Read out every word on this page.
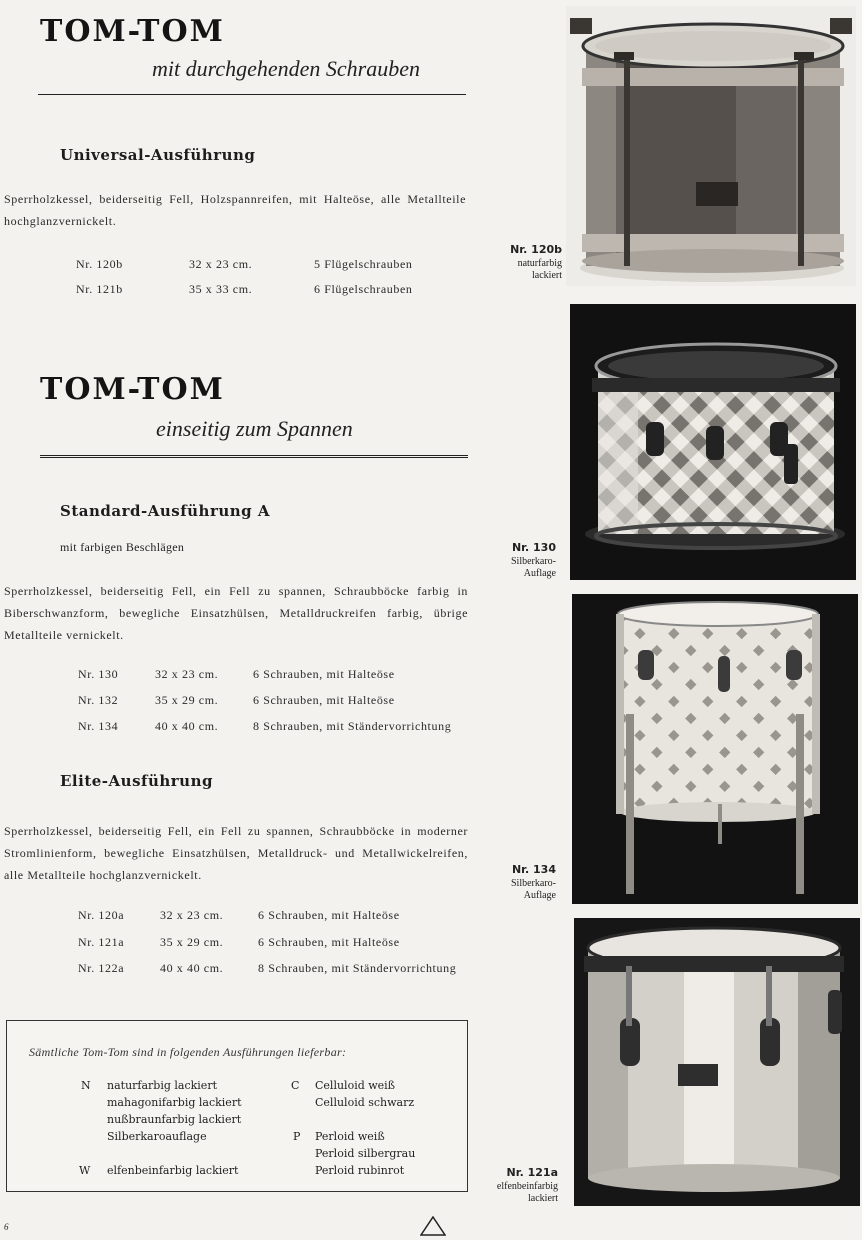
TOM-TOM
mit durchgehenden Schrauben
Universal-Ausführung
Sperrholzkessel, beiderseitig Fell, Holzspannreifen, mit Halteöse, alle Metallteile hochglanzvernickelt.
Nr. 120b	32 x 23 cm.	5 Flügelschrauben
Nr. 121b	35 x 33 cm.	6 Flügelschrauben
TOM-TOM
einseitig zum Spannen
Standard-Ausführung A
mit farbigen Beschlägen
Sperrholzkessel, beiderseitig Fell, ein Fell zu spannen, Schraubböcke farbig in Biberschwanzform, bewegliche Einsatzhülsen, Metalldruckreifen farbig, übrige Metallteile vernickelt.
Nr. 130	32 x 23 cm.	6 Schrauben, mit Halteöse
Nr. 132	35 x 29 cm.	6 Schrauben, mit Halteöse
Nr. 134	40 x 40 cm.	8 Schrauben, mit Ständervorrichtung
Elite-Ausführung
Sperrholzkessel, beiderseitig Fell, ein Fell zu spannen, Schraubböcke in moderner Stromlinienform, bewegliche Einsatzhülsen, Metalldruck- und Metallwickelreifen, alle Metallteile hochglanzvernickelt.
Nr. 120a	32 x 23 cm.	6 Schrauben, mit Halteöse
Nr. 121a	35 x 29 cm.	6 Schrauben, mit Halteöse
Nr. 122a	40 x 40 cm.	8 Schrauben, mit Ständervorrichtung
Sämtliche Tom-Tom sind in folgenden Ausführungen lieferbar:
N naturfarbig lackiert
mahagonifarbig lackiert
nußbraunfarbig lackiert
Silberkaroauflage
W elfenbeinfarbig lackiert
C Celluloid weiß
Celluloid schwarz
P Perloid weiß
Perloid silbergrau
Perloid rubinrot
6
Nr. 120b
naturfarbig
lackiert
Nr. 130
Silberkaro-
Auflage
Nr. 134
Silberkaro-
Auflage
Nr. 121a
elfenbeinfarbig
lackiert
